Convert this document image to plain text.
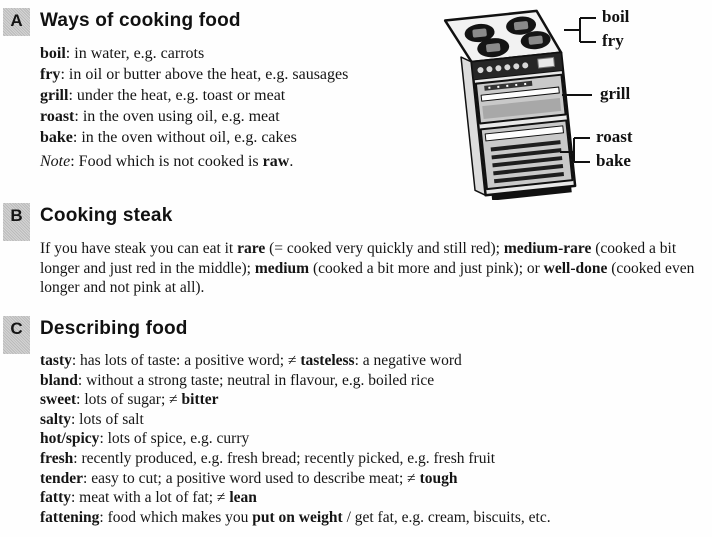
A Ways of cooking food
boil: in water, e.g. carrots
fry: in oil or butter above the heat, e.g. sausages
grill: under the heat, e.g. toast or meat
roast: in the oven using oil, e.g. meat
bake: in the oven without oil, e.g. cakes
Note: Food which is not cooked is raw.
boil
fry
grill
roast
bake
B Cooking steak
If you have steak you can eat it rare (= cooked very quickly and still red); medium-rare (cooked a bit longer and just red in the middle); medium (cooked a bit more and just pink); or well-done (cooked even longer and not pink at all).
C Describing food
tasty: has lots of taste: a positive word; ≠ tasteless: a negative word
bland: without a strong taste; neutral in flavour, e.g. boiled rice
sweet: lots of sugar; ≠ bitter
salty: lots of salt
hot/spicy: lots of spice, e.g. curry
fresh: recently produced, e.g. fresh bread; recently picked, e.g. fresh fruit
tender: easy to cut; a positive word used to describe meat; ≠ tough
fatty: meat with a lot of fat; ≠ lean
fattening: food which makes you put on weight / get fat, e.g. cream, biscuits, etc.
